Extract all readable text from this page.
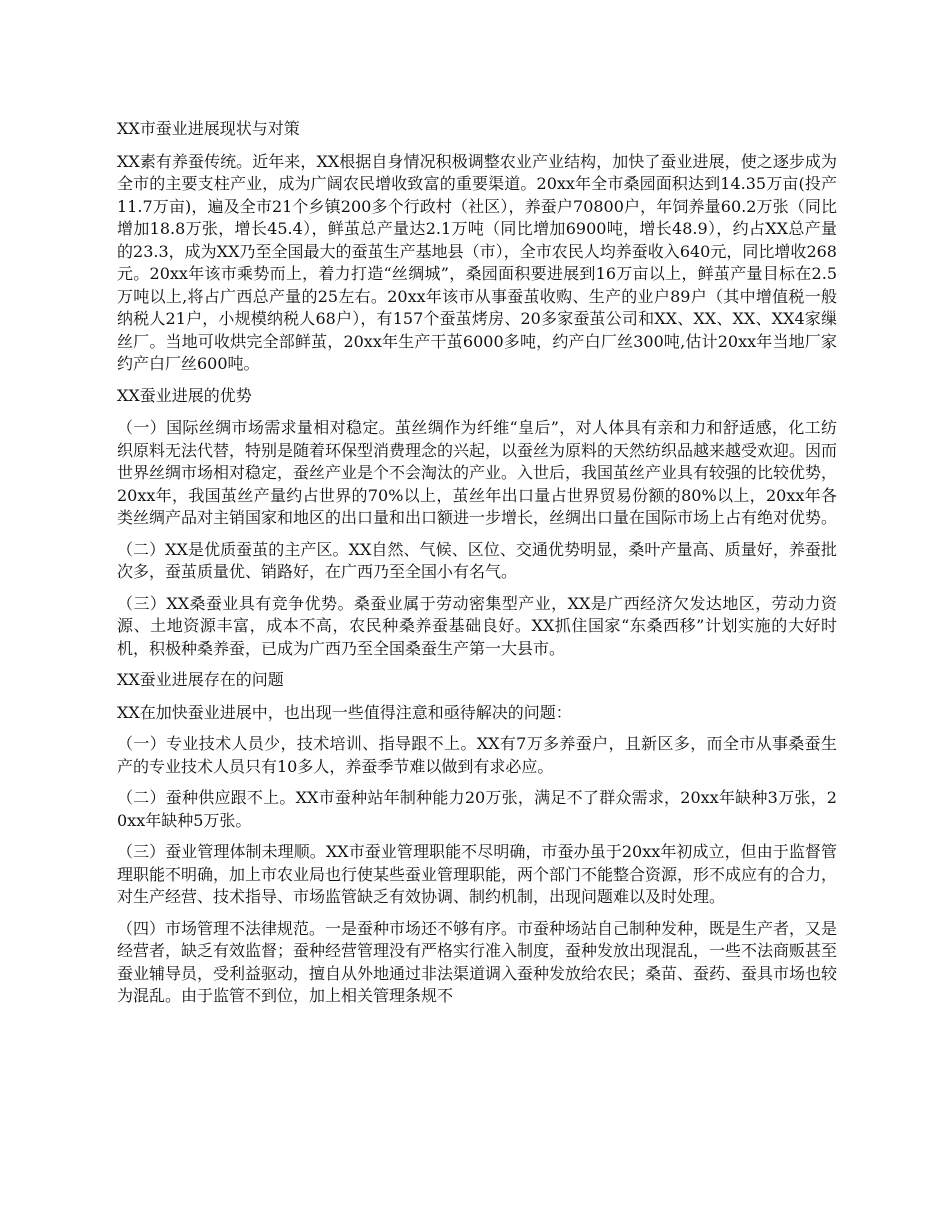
XX市蚕业进展现状与对策

XX素有养蚕传统。近年来，XX根据自身情况积极调整农业产业结构，加快了蚕业进展，使之逐步成为全市的主要支柱产业，成为广阔农民增收致富的重要渠道。20xx年全市桑园面积达到14.35万亩(投产11.7万亩)，遍及全市21个乡镇200多个行政村（社区），养蚕户70800户，年饲养量60.2万张（同比增加18.8万张，增长45.4），鲜茧总产量达2.1万吨（同比增加6900吨，增长48.9），约占XX总产量的23.3，成为XX乃至全国最大的蚕茧生产基地县（市），全市农民人均养蚕收入640元，同比增收268元。20xx年该市乘势而上，着力打造“丝绸城”，桑园面积要进展到16万亩以上，鲜茧产量目标在2.5万吨以上,将占广西总产量的25左右。20xx年该市从事蚕茧收购、生产的业户89户（其中增值税一般纳税人21户，小规模纳税人68户），有157个蚕茧烤房、20多家蚕茧公司和XX、XX、XX、XX4家缫丝厂。当地可收烘完全部鲜茧，20xx年生产干茧6000多吨，约产白厂丝300吨,估计20xx年当地厂家约产白厂丝600吨。

XX蚕业进展的优势

（一）国际丝绸市场需求量相对稳定。茧丝绸作为纤维“皇后”，对人体具有亲和力和舒适感，化工纺织原料无法代替，特别是随着环保型消费理念的兴起，以蚕丝为原料的天然纺织品越来越受欢迎。因而世界丝绸市场相对稳定，蚕丝产业是个不会淘汰的产业。入世后，我国茧丝产业具有较强的比较优势，20xx年，我国茧丝产量约占世界的70%以上，茧丝年出口量占世界贸易份额的80%以上，20xx年各类丝绸产品对主销国家和地区的出口量和出口额进一步增长，丝绸出口量在国际市场上占有绝对优势。

（二）XX是优质蚕茧的主产区。XX自然、气候、区位、交通优势明显，桑叶产量高、质量好，养蚕批次多，蚕茧质量优、销路好，在广西乃至全国小有名气。

（三）XX桑蚕业具有竞争优势。桑蚕业属于劳动密集型产业，XX是广西经济欠发达地区，劳动力资源、土地资源丰富，成本不高，农民种桑养蚕基础良好。XX抓住国家“东桑西移”计划实施的大好时机，积极种桑养蚕，已成为广西乃至全国桑蚕生产第一大县市。

XX蚕业进展存在的问题

XX在加快蚕业进展中，也出现一些值得注意和亟待解决的问题：

（一）专业技术人员少，技术培训、指导跟不上。XX有7万多养蚕户，且新区多，而全市从事桑蚕生产的专业技术人员只有10多人，养蚕季节难以做到有求必应。

（二）蚕种供应跟不上。XX市蚕种站年制种能力20万张，满足不了群众需求，20xx年缺种3万张，20xx年缺种5万张。

（三）蚕业管理体制未理顺。XX市蚕业管理职能不尽明确，市蚕办虽于20xx年初成立，但由于监督管理职能不明确，加上市农业局也行使某些蚕业管理职能，两个部门不能整合资源，形不成应有的合力，对生产经营、技术指导、市场监管缺乏有效协调、制约机制，出现问题难以及时处理。

（四）市场管理不法律规范。一是蚕种市场还不够有序。市蚕种场站自己制种发种，既是生产者，又是经营者，缺乏有效监督；蚕种经营管理没有严格实行准入制度，蚕种发放出现混乱，一些不法商贩甚至蚕业辅导员，受利益驱动，擅自从外地通过非法渠道调入蚕种发放给农民；桑苗、蚕药、蚕具市场也较为混乱。由于监管不到位，加上相关管理条规不
